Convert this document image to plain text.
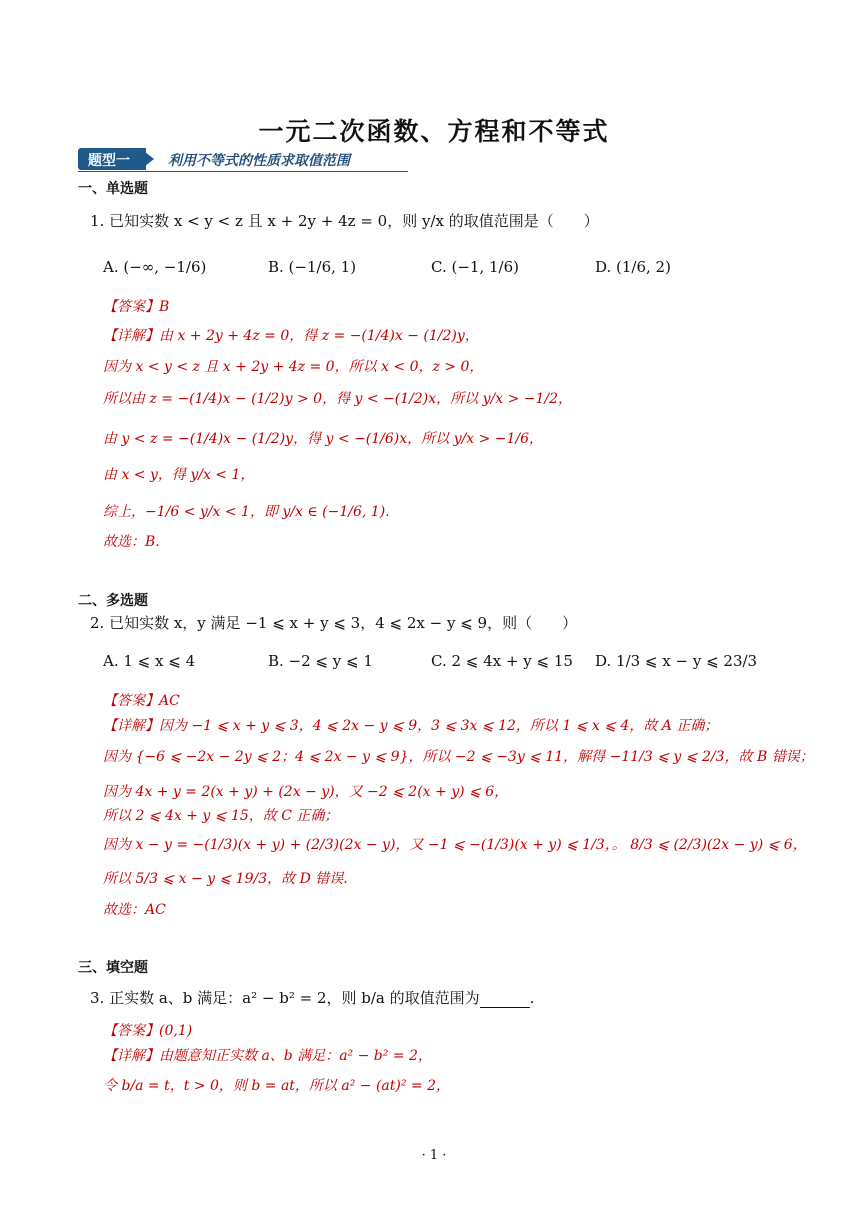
一元二次函数、方程和不等式
题型一	利用不等式的性质求取值范围
一、单选题
1. 已知实数 x < y < z 且 x + 2y + 4z = 0，则 y/x 的取值范围是（　　）
A. (−∞, −1/6)	B. (−1/6, 1)	C. (−1, 1/6)	D. (1/6, 2)
【答案】B
【详解】由 x + 2y + 4z = 0，得 z = −(1/4)x − (1/2)y，
因为 x < y < z 且 x + 2y + 4z = 0，所以 x < 0，z > 0，
所以由 z = −(1/4)x − (1/2)y > 0，得 y < −(1/2)x，所以 y/x > −1/2，
由 y < z = −(1/4)x − (1/2)y，得 y < −(1/6)x，所以 y/x > −1/6，
由 x < y，得 y/x < 1，
综上，−1/6 < y/x < 1，即 y/x ∈ (−1/6, 1).
故选：B.
二、多选题
2. 已知实数 x，y 满足 −1 ⩽ x + y ⩽ 3，4 ⩽ 2x − y ⩽ 9，则（　　）
A. 1 ⩽ x ⩽ 4	B. −2 ⩽ y ⩽ 1	C. 2 ⩽ 4x + y ⩽ 15 D. 1/3 ⩽ x − y ⩽ 23/3
【答案】AC
【详解】因为 −1 ⩽ x + y ⩽ 3，4 ⩽ 2x − y ⩽ 9，3 ⩽ 3x ⩽ 12，所以 1 ⩽ x ⩽ 4，故 A 正确；
因为 {−6 ⩽ −2x − 2y ⩽ 2；4 ⩽ 2x − y ⩽ 9}，所以 −2 ⩽ −3y ⩽ 11，解得 −11/3 ⩽ y ⩽ 2/3，故 B 错误；
因为 4x + y = 2(x + y) + (2x − y)，又 −2 ⩽ 2(x + y) ⩽ 6，
所以 2 ⩽ 4x + y ⩽ 15，故 C 正确；
因为 x − y = −(1/3)(x + y) + (2/3)(2x − y)，又 −1 ⩽ −(1/3)(x + y) ⩽ 1/3，。 8/3 ⩽ (2/3)(2x − y) ⩽ 6，
所以 5/3 ⩽ x − y ⩽ 19/3，故 D 错误.
故选：AC
三、填空题
3. 正实数 a、b 满足：a² − b² = 2，则 b/a 的取值范围为	.
【答案】(0,1)
【详解】由题意知正实数 a、b 满足：a² − b² = 2，
令 b/a = t，t > 0，则 b = at，所以 a² − (at)² = 2，
· 1 ·
